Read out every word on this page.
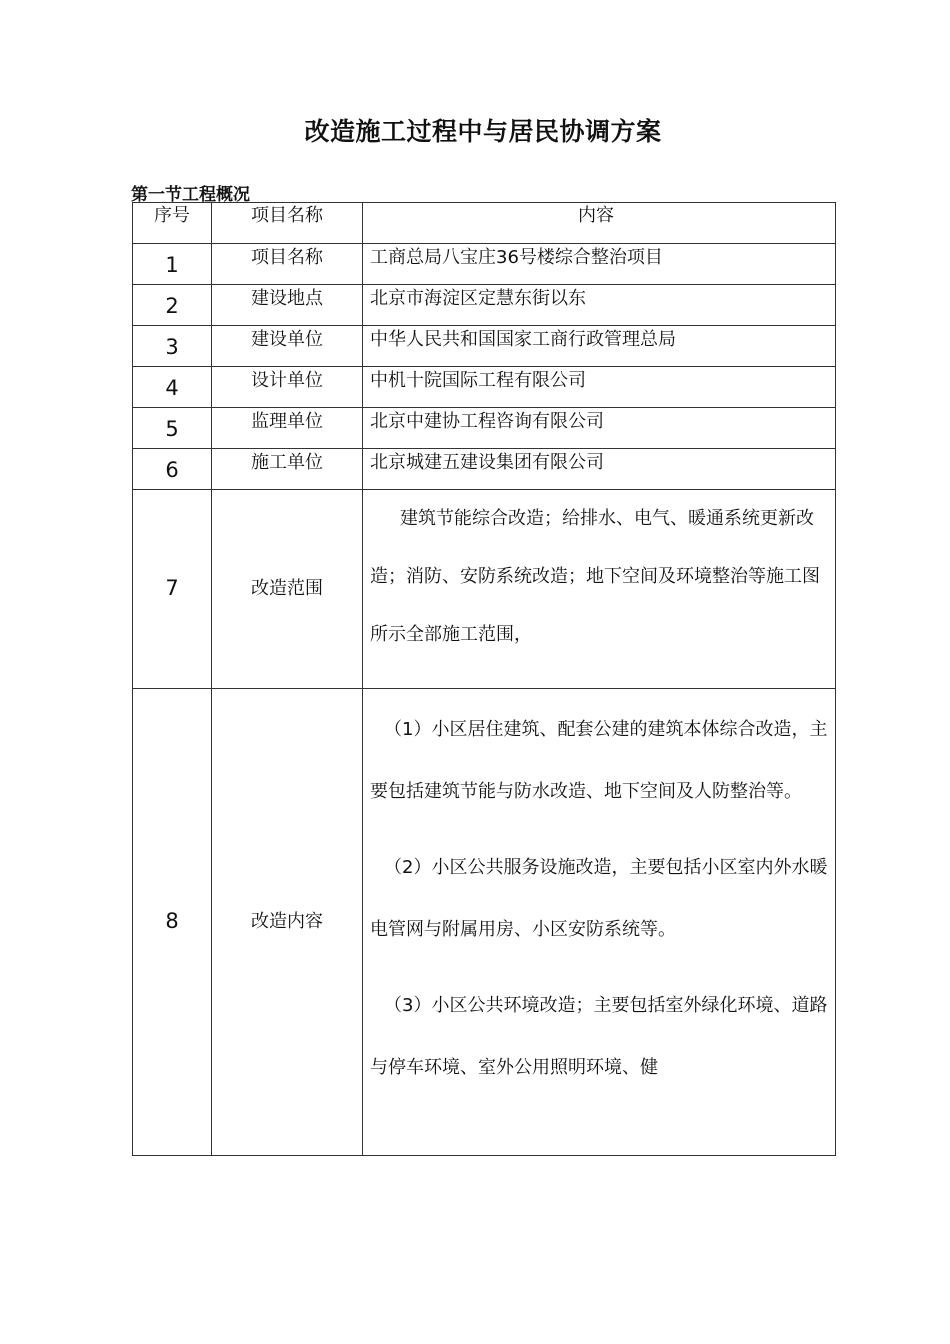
改造施工过程中与居民协调方案
第一节工程概况
序号	项目名称	内容
1	项目名称	工商总局八宝庄36号楼综合整治项目
2	建设地点	北京市海淀区定慧东街以东
3	建设单位	中华人民共和国国家工商行政管理总局
4	设计单位	中机十院国际工程有限公司
5	监理单位	北京中建协工程咨询有限公司
6	施工单位	北京城建五建设集团有限公司
7	改造范围	建筑节能综合改造；给排水、电气、暖通系统更新改造；消防、安防系统改造；地下空间及环境整治等施工图所示全部施工范围，

8	改造内容	（1）小区居住建筑、配套公建的建筑本体综合改造，主要包括建筑节能与防水改造、地下空间及人防整治等。
（2）小区公共服务设施改造，主要包括小区室内外水暖电管网与附属用房、小区安防系统等。
（3）小区公共环境改造；主要包括室外绿化环境、道路与停车环境、室外公用照明环境、健
